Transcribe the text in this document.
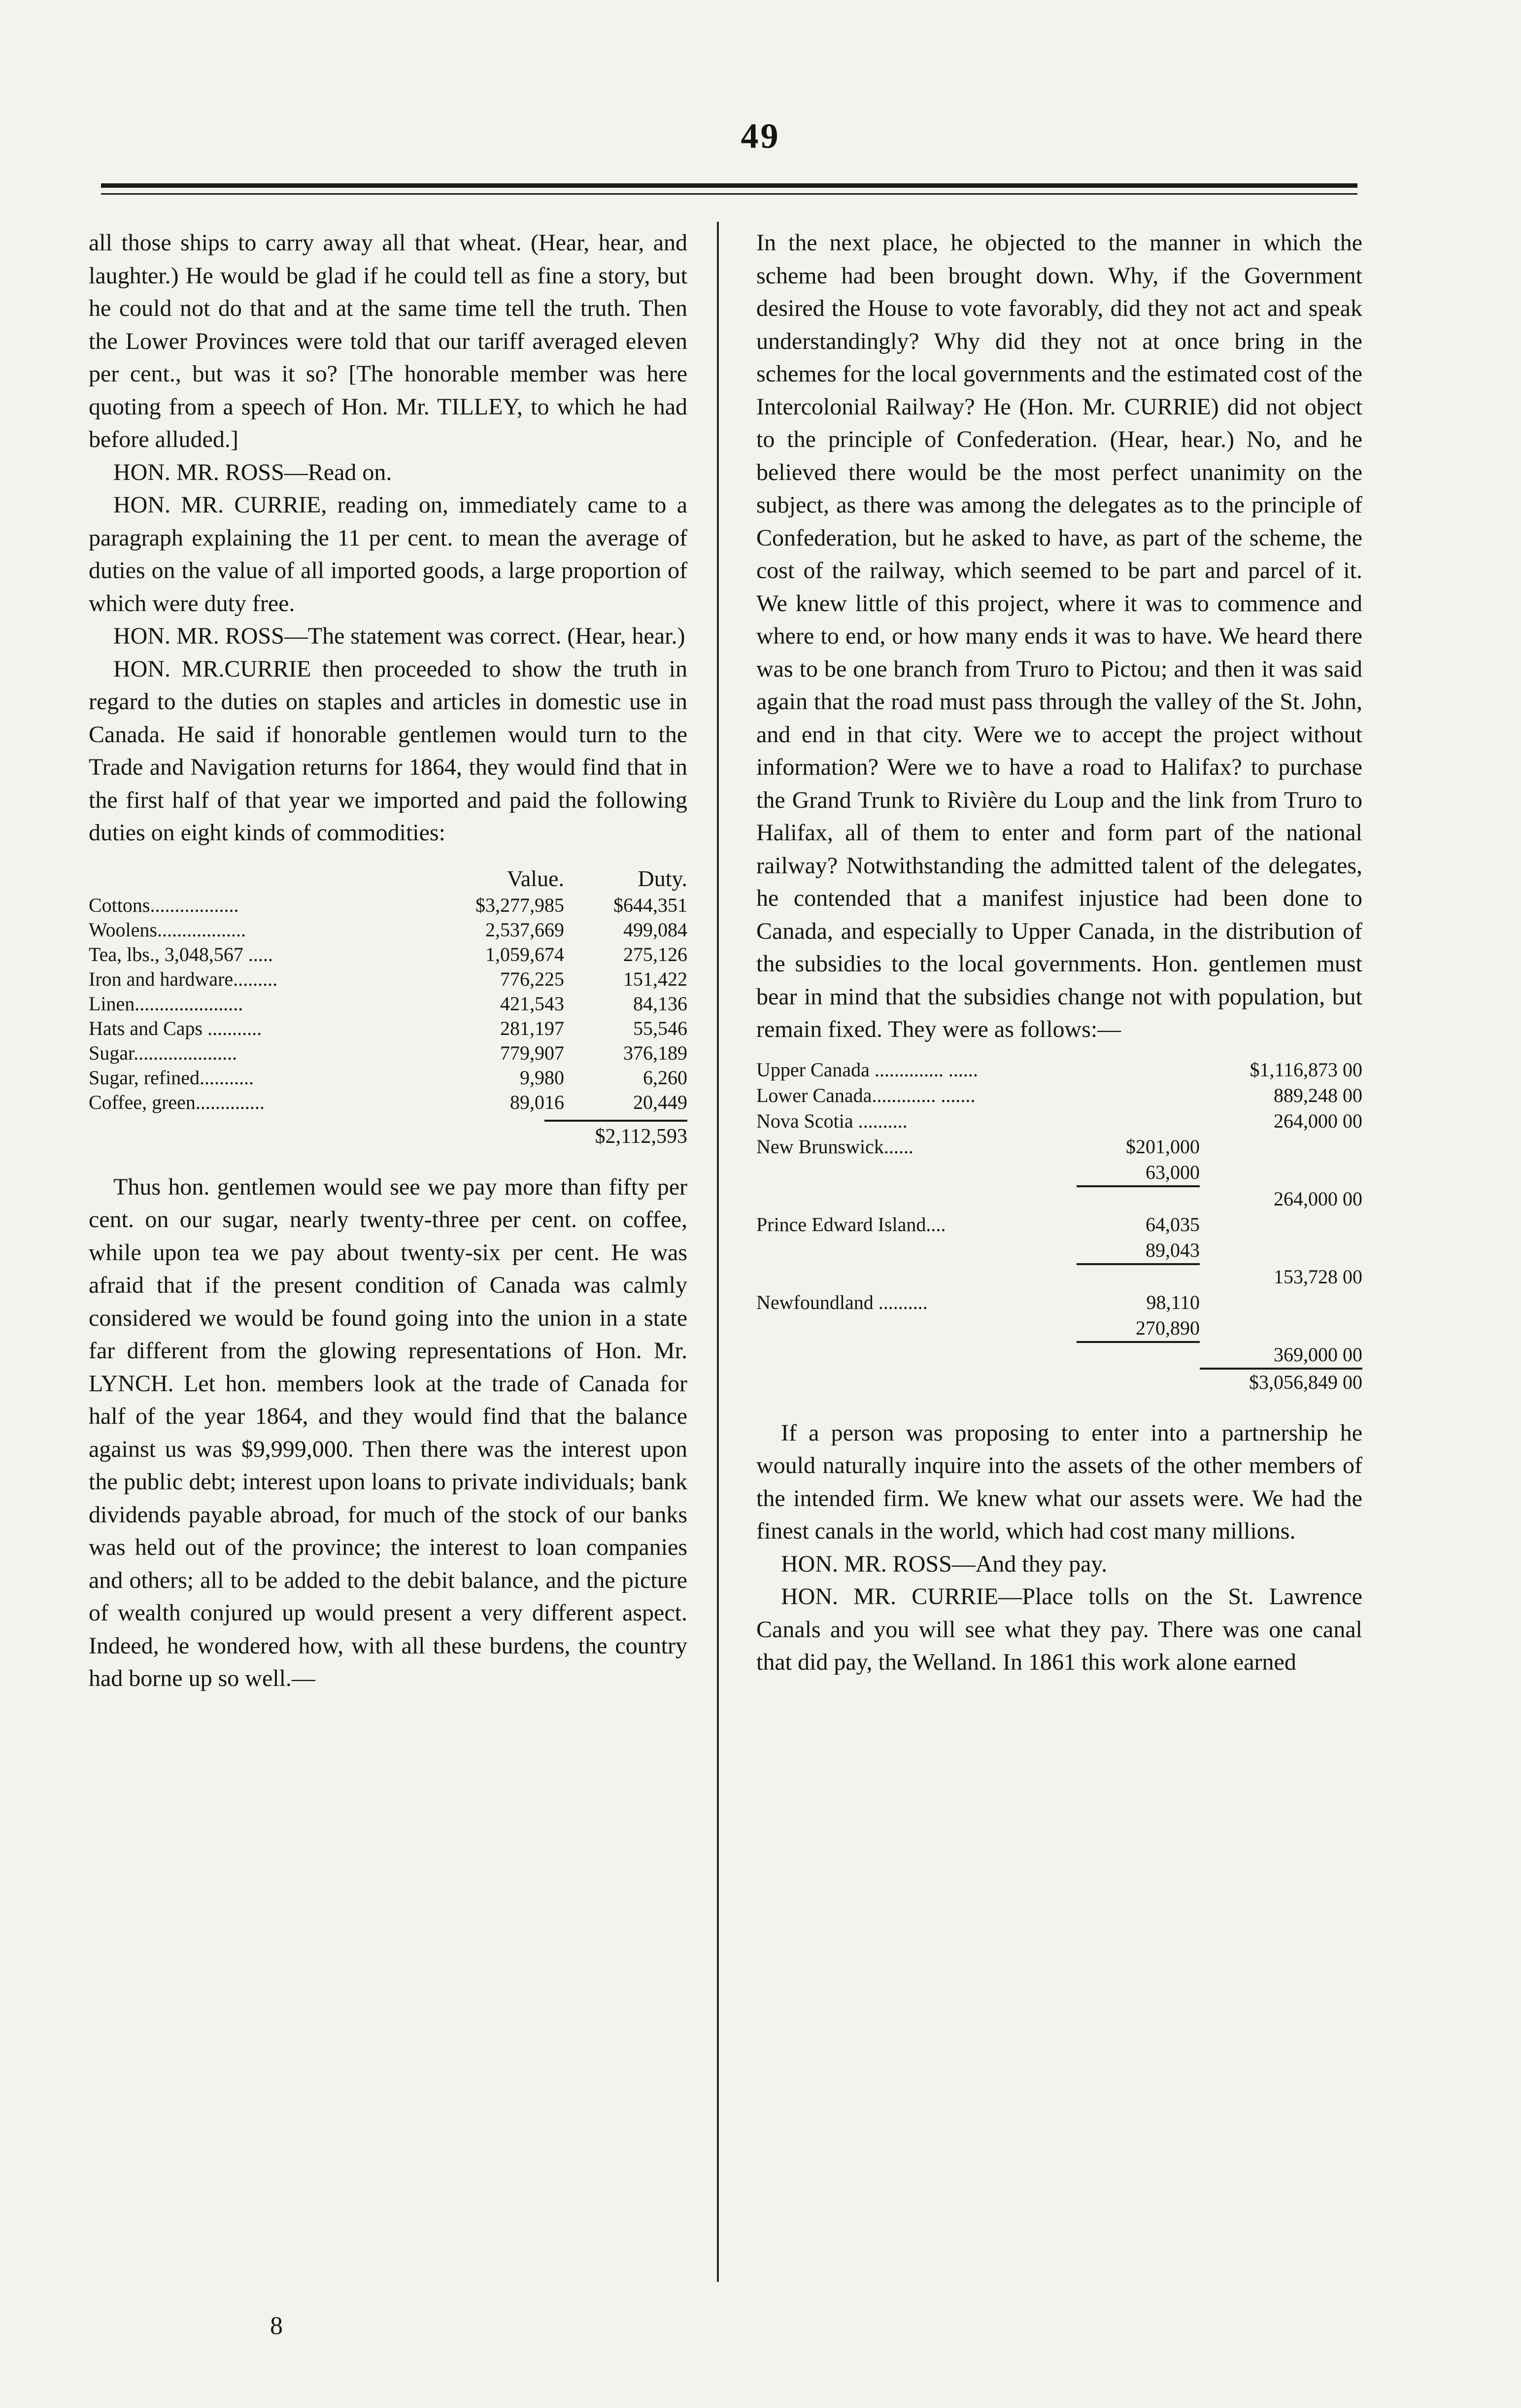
49

all those ships to carry away all that wheat. (Hear, hear, and laughter.) He would be glad if he could tell as fine a story, but he could not do that and at the same time tell the truth. Then the Lower Provinces were told that our tariff averaged eleven per cent., but was it so? [The honorable member was here quoting from a speech of Hon. Mr. TILLEY, to which he had before alluded.]

HON. MR. ROSS—Read on.

HON. MR. CURRIE, reading on, immediately came to a paragraph explaining the 11 per cent. to mean the average of duties on the value of all imported goods, a large proportion of which were duty free.

HON. MR. ROSS—The statement was correct. (Hear, hear.)

HON. MR.CURRIE then proceeded to show the truth in regard to the duties on staples and articles in domestic use in Canada. He said if honorable gentlemen would turn to the Trade and Navigation returns for 1864, they would find that in the first half of that year we imported and paid the following duties on eight kinds of commodities:

	Value.	Duty.
Cottons..................	$3,277,985	$644,351
Woolens..................	2,537,669	499,084
Tea, lbs., 3,048,567 .....	1,059,674	275,126
Iron and hardware.........	776,225	151,422
Linen......................	421,543	84,136
Hats and Caps ...........	281,197	55,546
Sugar.....................	779,907	376,189
Sugar, refined...........	9,980	6,260
Coffee, green..............	89,016	20,449
$2,112,593

Thus hon. gentlemen would see we pay more than fifty per cent. on our sugar, nearly twenty-three per cent. on coffee, while upon tea we pay about twenty-six per cent. He was afraid that if the present condition of Canada was calmly considered we would be found going into the union in a state far different from the glowing representations of Hon. Mr. LYNCH. Let hon. members look at the trade of Canada for half of the year 1864, and they would find that the balance against us was $9,999,000. Then there was the interest upon the public debt; interest upon loans to private individuals; bank dividends payable abroad, for much of the stock of our banks was held out of the province; the interest to loan companies and others; all to be added to the debit balance, and the picture of wealth conjured up would present a very different aspect. Indeed, he wondered how, with all these burdens, the country had borne up so well.—

In the next place, he objected to the manner in which the scheme had been brought down. Why, if the Government desired the House to vote favorably, did they not act and speak understandingly? Why did they not at once bring in the schemes for the local governments and the estimated cost of the Intercolonial Railway? He (Hon. Mr. CURRIE) did not object to the principle of Confederation. (Hear, hear.) No, and he believed there would be the most perfect unanimity on the subject, as there was among the delegates as to the principle of Confederation, but he asked to have, as part of the scheme, the cost of the railway, which seemed to be part and parcel of it. We knew little of this project, where it was to commence and where to end, or how many ends it was to have. We heard there was to be one branch from Truro to Pictou; and then it was said again that the road must pass through the valley of the St. John, and end in that city. Were we to accept the project without information? Were we to have a road to Halifax? to purchase the Grand Trunk to Rivière du Loup and the link from Truro to Halifax, all of them to enter and form part of the national railway? Notwithstanding the admitted talent of the delegates, he contended that a manifest injustice had been done to Canada, and especially to Upper Canada, in the distribution of the subsidies to the local governments. Hon. gentlemen must bear in mind that the subsidies change not with population, but remain fixed. They were as follows:—

Upper Canada .............. ......		$1,116,873 00
Lower Canada............. .......		889,248 00
Nova Scotia ..........		264,000 00
New Brunswick......	$201,000	
	63,000	
		264,000 00
Prince Edward Island....	64,035	
	89,043	
		153,728 00
Newfoundland ..........	98,110	
	270,890	
		369,000 00
		$3,056,849 00

If a person was proposing to enter into a partnership he would naturally inquire into the assets of the other members of the intended firm. We knew what our assets were. We had the finest canals in the world, which had cost many millions.

HON. MR. ROSS—And they pay.

HON. MR. CURRIE—Place tolls on the St. Lawrence Canals and you will see what they pay. There was one canal that did pay, the Welland. In 1861 this work alone earned

8
